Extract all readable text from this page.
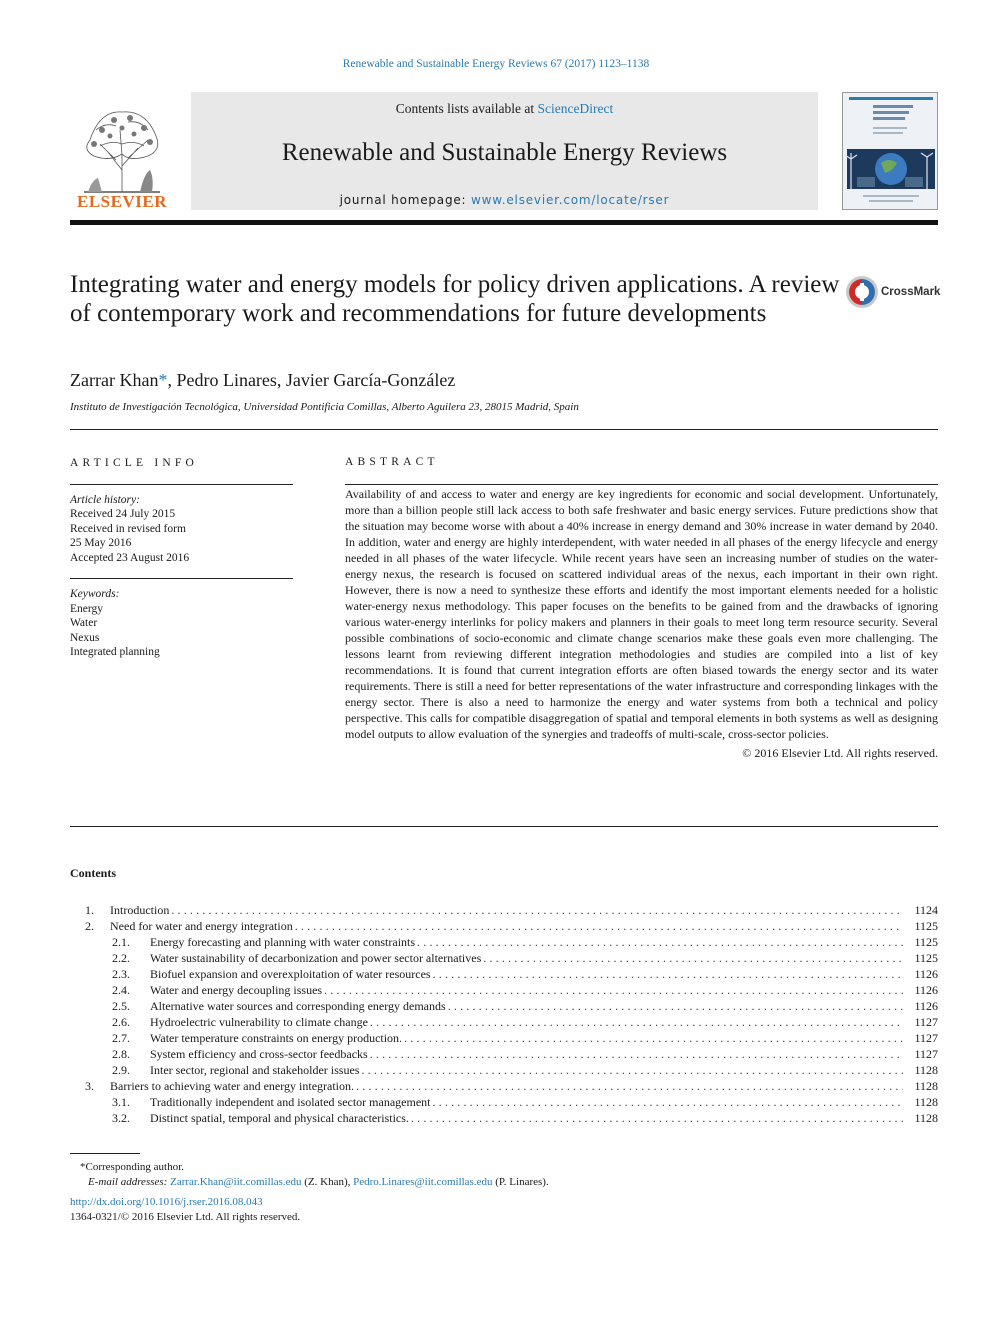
Renewable and Sustainable Energy Reviews 67 (2017) 1123–1138
ELSEVIER
Contents lists available at ScienceDirect
Renewable and Sustainable Energy Reviews
journal homepage: www.elsevier.com/locate/rser
Integrating water and energy models for policy driven applications. A review of contemporary work and recommendations for future developments
CrossMark
Zarrar Khan*, Pedro Linares, Javier García-González
Instituto de Investigación Tecnológica, Universidad Pontificia Comillas, Alberto Aguilera 23, 28015 Madrid, Spain
ARTICLE INFO
Article history:
Received 24 July 2015
Received in revised form
25 May 2016
Accepted 23 August 2016
Keywords:
Energy
Water
Nexus
Integrated planning
ABSTRACT
Availability of and access to water and energy are key ingredients for economic and social development. Unfortunately, more than a billion people still lack access to both safe freshwater and basic energy services. Future predictions show that the situation may become worse with about a 40% increase in energy demand and 30% increase in water demand by 2040. In addition, water and energy are highly interdependent, with water needed in all phases of the energy lifecycle and energy needed in all phases of the water lifecycle. While recent years have seen an increasing number of studies on the water-energy nexus, the research is focused on scattered individual areas of the nexus, each important in their own right. However, there is now a need to synthesize these efforts and identify the most important elements needed for a holistic water-energy nexus methodology. This paper focuses on the benefits to be gained from and the drawbacks of ignoring various water-energy interlinks for policy makers and planners in their goals to meet long term resource security. Several possible combinations of socio-economic and climate change scenarios make these goals even more challenging. The lessons learnt from reviewing different integration methodologies and studies are compiled into a list of key recommendations. It is found that current integration efforts are often biased towards the energy sector and its water requirements. There is still a need for better representations of the water infrastructure and corresponding linkages with the energy sector. There is also a need to harmonize the energy and water systems from both a technical and policy perspective. This calls for compatible disaggregation of spatial and temporal elements in both systems as well as designing model outputs to allow evaluation of the synergies and tradeoffs of multi-scale, cross-sector policies.
© 2016 Elsevier Ltd. All rights reserved.
Contents
1.	Introduction .....	1124
2.	Need for water and energy integration .....	1125
2.1.	Energy forecasting and planning with water constraints .....	1125
2.2.	Water sustainability of decarbonization and power sector alternatives .....	1125
2.3.	Biofuel expansion and overexploitation of water resources .....	1126
2.4.	Water and energy decoupling issues .....	1126
2.5.	Alternative water sources and corresponding energy demands .....	1126
2.6.	Hydroelectric vulnerability to climate change .....	1127
2.7.	Water temperature constraints on energy production. .....	1127
2.8.	System efficiency and cross-sector feedbacks .....	1127
2.9.	Inter sector, regional and stakeholder issues .....	1128
3.	Barriers to achieving water and energy integration. .....	1128
3.1.	Traditionally independent and isolated sector management .....	1128
3.2.	Distinct spatial, temporal and physical characteristics. .....	1128
*Corresponding author.
E-mail addresses: Zarrar.Khan@iit.comillas.edu (Z. Khan), Pedro.Linares@iit.comillas.edu (P. Linares).
http://dx.doi.org/10.1016/j.rser.2016.08.043
1364-0321/© 2016 Elsevier Ltd. All rights reserved.
